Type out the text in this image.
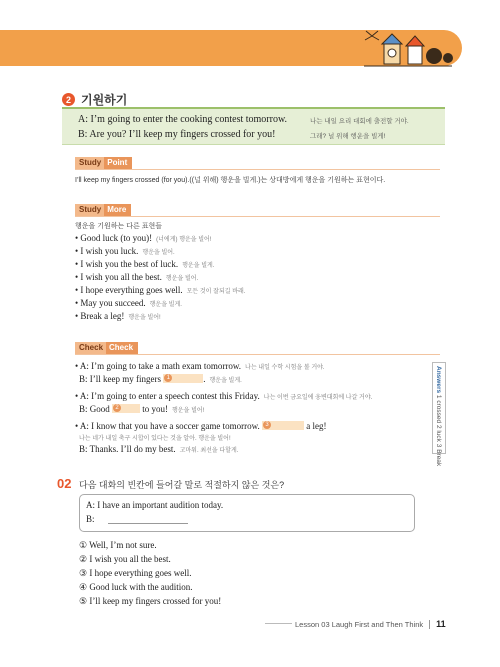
2 기원하기
A: I’m going to enter the cooking contest tomorrow.	나는 내일 요리 대회에 출전할 거야.
B: Are you? I’ll keep my fingers crossed for you!	그래? 널 위해 행운을 빌게!
Study Point
I’ll keep my fingers crossed (for you).((널 위해) 행운을 빌게.)는 상대방에게 행운을 기원하는 표현이다.
Study More
행운을 기원하는 다른 표현들
• Good luck (to you)! (너에게) 행운을 빌어!
• I wish you luck. 행운을 빌어.
• I wish you the best of luck. 행운을 빌게.
• I wish you all the best. 행운을 빌어.
• I hope everything goes well. 모든 것이 잘되길 바래.
• May you succeed. 행운을 빌게.
• Break a leg! 행운을 빌어!
Check Check
• A: I’m going to take a math exam tomorrow. 나는 내일 수학 시험을 볼 거야.
B: I’ll keep my fingers 1	. 행운을 빌게.
• A: I’m going to enter a speech contest this Friday. 나는 이번 금요일에 웅변대회에 나갈 거야.
B: Good 2	to you! 행운을 빌어!
• A: I know that you have a soccer game tomorrow. 3	a leg!
나는 네가 내일 축구 시합이 있다는 것을 알아. 행운을 빌어!
B: Thanks. I’ll do my best. 고마워. 최선을 다할게.
Answers 1 crossed 2 luck 3 Break
02 다음 대화의 빈칸에 들어갈 말로 적절하지 않은 것은?
A: I have an important audition today.
B:
① Well, I’m not sure.
② I wish you all the best.
③ I hope everything goes well.
④ Good luck with the audition.
⑤ I’ll keep my fingers crossed for you!
Lesson 03 Laugh First and Then Think 11
